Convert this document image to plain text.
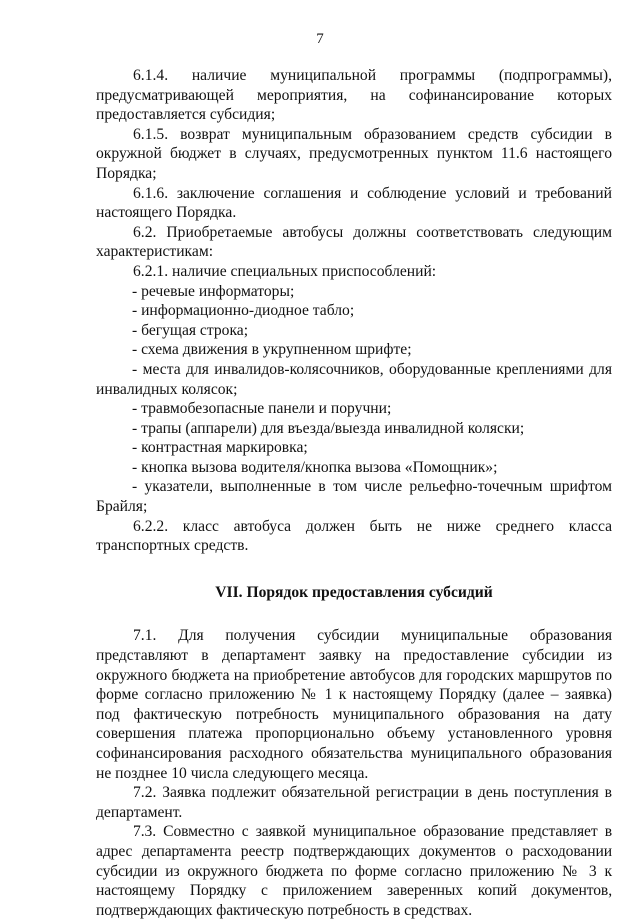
7

6.1.4. наличие муниципальной программы (подпрограммы), предусматривающей мероприятия, на софинансирование которых предоставляется субсидия;

6.1.5. возврат муниципальным образованием средств субсидии в окружной бюджет в случаях, предусмотренных пунктом 11.6 настоящего Порядка;

6.1.6. заключение соглашения и соблюдение условий и требований настоящего Порядка.

6.2. Приобретаемые автобусы должны соответствовать следующим характеристикам:

6.2.1. наличие специальных приспособлений:

- речевые информаторы;

- информационно-диодное табло;

- бегущая строка;

- схема движения в укрупненном шрифте;

- места для инвалидов-колясочников, оборудованные креплениями для инвалидных колясок;

- травмобезопасные панели и поручни;

- трапы (аппарели) для въезда/выезда инвалидной коляски;

- контрастная маркировка;

- кнопка вызова водителя/кнопка вызова «Помощник»;

- указатели, выполненные в том числе рельефно-точечным шрифтом Брайля;

6.2.2. класс автобуса должен быть не ниже среднего класса транспортных средств.

VII. Порядок предоставления субсидий

7.1. Для получения субсидии муниципальные образования представляют в департамент заявку на предоставление субсидии из окружного бюджета на приобретение автобусов для городских маршрутов по форме согласно приложению № 1 к настоящему Порядку (далее – заявка) под фактическую потребность муниципального образования на дату совершения платежа пропорционально объему установленного уровня софинансирования расходного обязательства муниципального образования не позднее 10 числа следующего месяца.

7.2. Заявка подлежит обязательной регистрации в день поступления в департамент.

7.3. Совместно с заявкой муниципальное образование представляет в адрес департамента реестр подтверждающих документов о расходовании субсидии из окружного бюджета по форме согласно приложению № 3 к настоящему Порядку с приложением заверенных копий документов, подтверждающих фактическую потребность в средствах.
